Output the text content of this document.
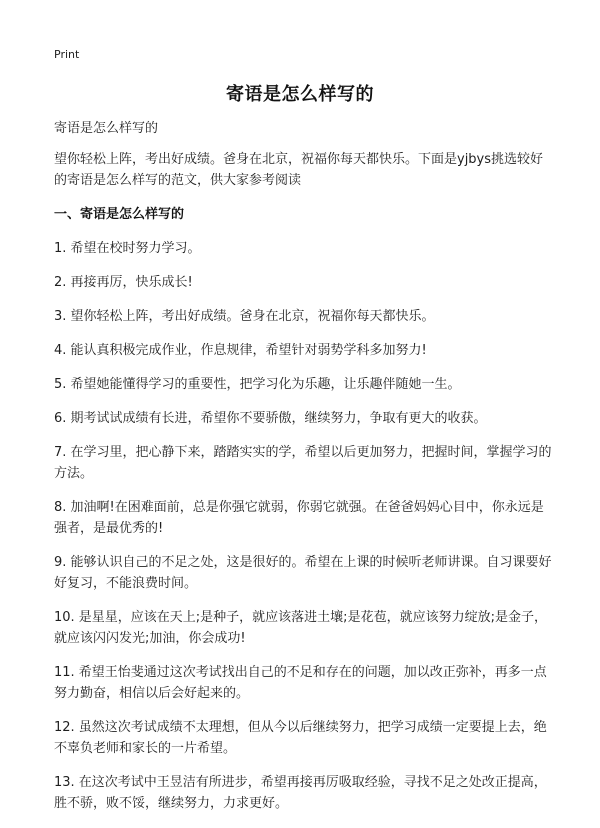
Print
寄语是怎么样写的

寄语是怎么样写的

望你轻松上阵，考出好成绩。爸身在北京，祝福你每天都快乐。下面是yjbys挑选较好的寄语是怎么样写的范文，供大家参考阅读

一、寄语是怎么样写的

1. 希望在校时努力学习。

2. 再接再厉，快乐成长!

3. 望你轻松上阵，考出好成绩。爸身在北京，祝福你每天都快乐。

4. 能认真积极完成作业，作息规律，希望针对弱势学科多加努力!

5. 希望她能懂得学习的重要性，把学习化为乐趣，让乐趣伴随她一生。

6. 期考试试成绩有长进，希望你不要骄傲，继续努力，争取有更大的收获。

7. 在学习里，把心静下来，踏踏实实的学，希望以后更加努力，把握时间，掌握学习的方法。

8. 加油啊!在困难面前，总是你强它就弱，你弱它就强。在爸爸妈妈心目中，你永远是强者，是最优秀的!

9. 能够认识自己的不足之处，这是很好的。希望在上课的时候听老师讲课。自习课要好好复习，不能浪费时间。

10. 是星星，应该在天上;是种子，就应该落进土壤;是花苞，就应该努力绽放;是金子，就应该闪闪发光;加油，你会成功!

11. 希望王怡斐通过这次考试找出自己的不足和存在的问题，加以改正弥补，再多一点努力勤奋，相信以后会好起来的。

12. 虽然这次考试成绩不太理想，但从今以后继续努力，把学习成绩一定要提上去，绝不辜负老师和家长的一片希望。

13. 在这次考试中王昱洁有所进步，希望再接再厉吸取经验，寻找不足之处改正提高，胜不骄，败不馁，继续努力，力求更好。
